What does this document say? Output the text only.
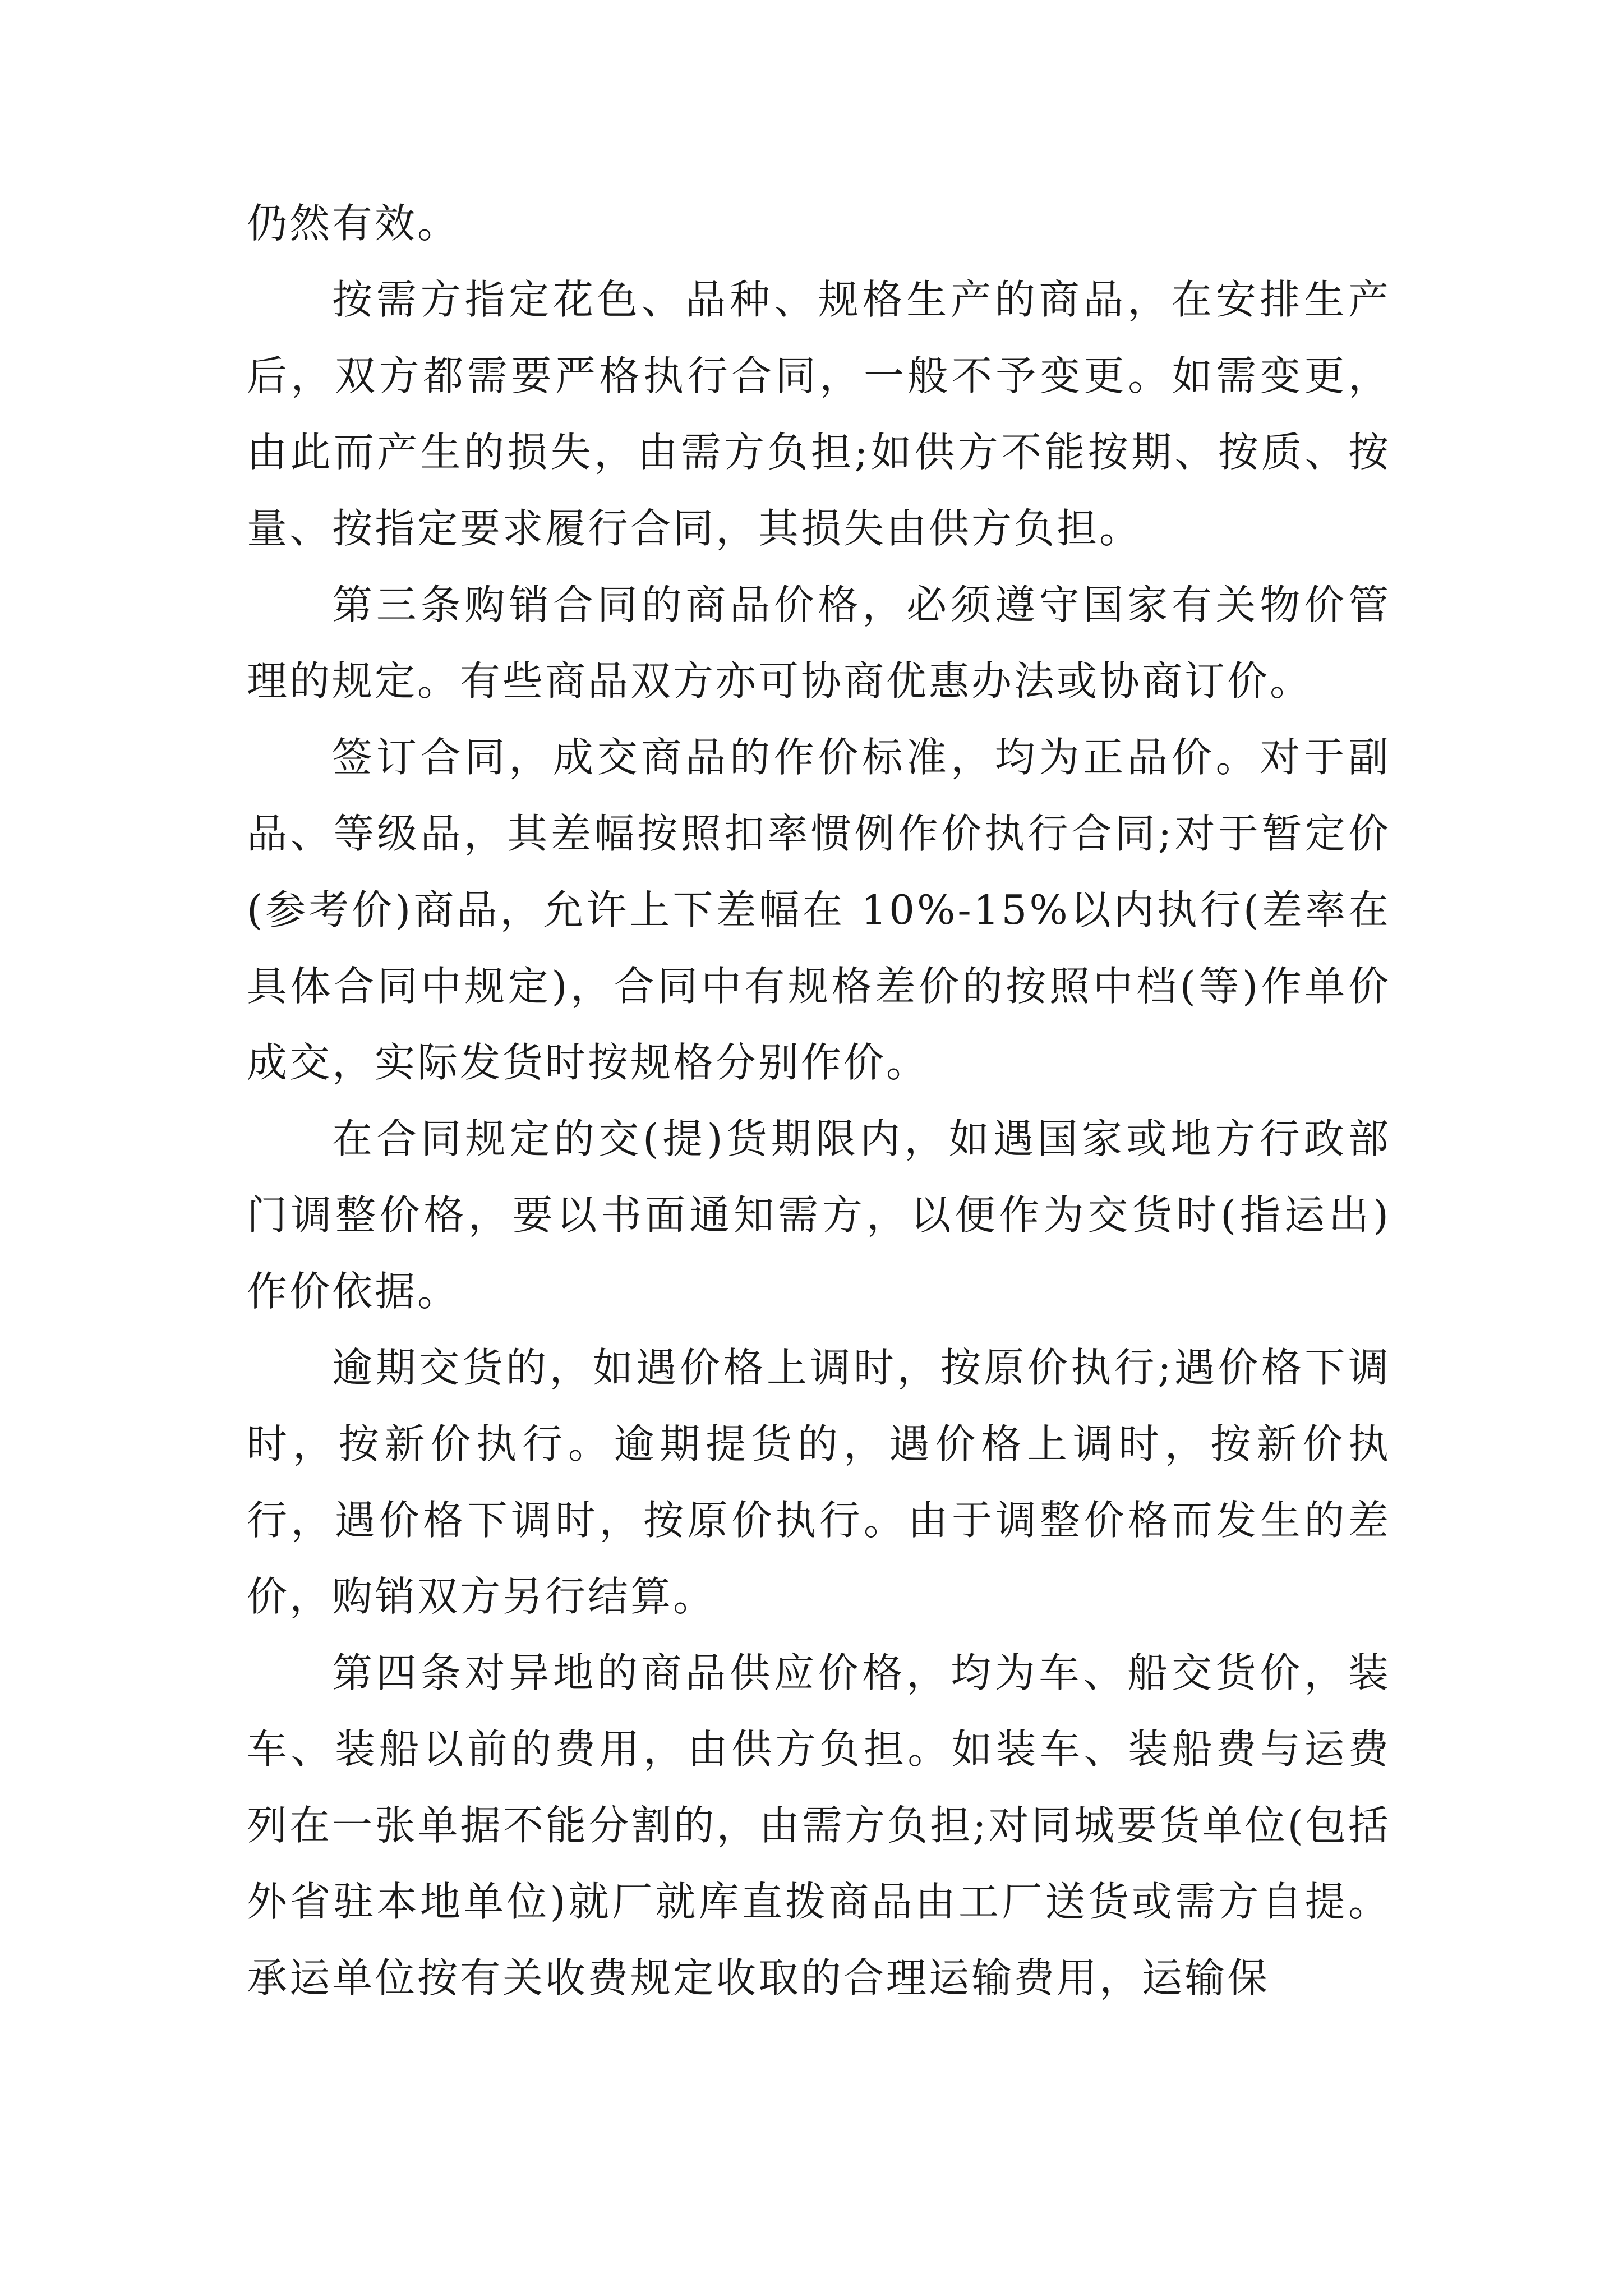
仍然有效。

按需方指定花色、品种、规格生产的商品，在安排生产后，双方都需要严格执行合同，一般不予变更。如需变更，由此而产生的损失，由需方负担;如供方不能按期、按质、按量、按指定要求履行合同，其损失由供方负担。

第三条购销合同的商品价格，必须遵守国家有关物价管理的规定。有些商品双方亦可协商优惠办法或协商订价。

签订合同，成交商品的作价标准，均为正品价。对于副品、等级品，其差幅按照扣率惯例作价执行合同;对于暂定价(参考价)商品，允许上下差幅在 10%-15%以内执行(差率在具体合同中规定)，合同中有规格差价的按照中档(等)作单价成交，实际发货时按规格分别作价。

在合同规定的交(提)货期限内，如遇国家或地方行政部门调整价格，要以书面通知需方，以便作为交货时(指运出)作价依据。

逾期交货的，如遇价格上调时，按原价执行;遇价格下调时，按新价执行。逾期提货的，遇价格上调时，按新价执行，遇价格下调时，按原价执行。由于调整价格而发生的差价，购销双方另行结算。

第四条对异地的商品供应价格，均为车、船交货价，装车、装船以前的费用，由供方负担。如装车、装船费与运费列在一张单据不能分割的，由需方负担;对同城要货单位(包括外省驻本地单位)就厂就库直拨商品由工厂送货或需方自提。承运单位按有关收费规定收取的合理运输费用，运输保
